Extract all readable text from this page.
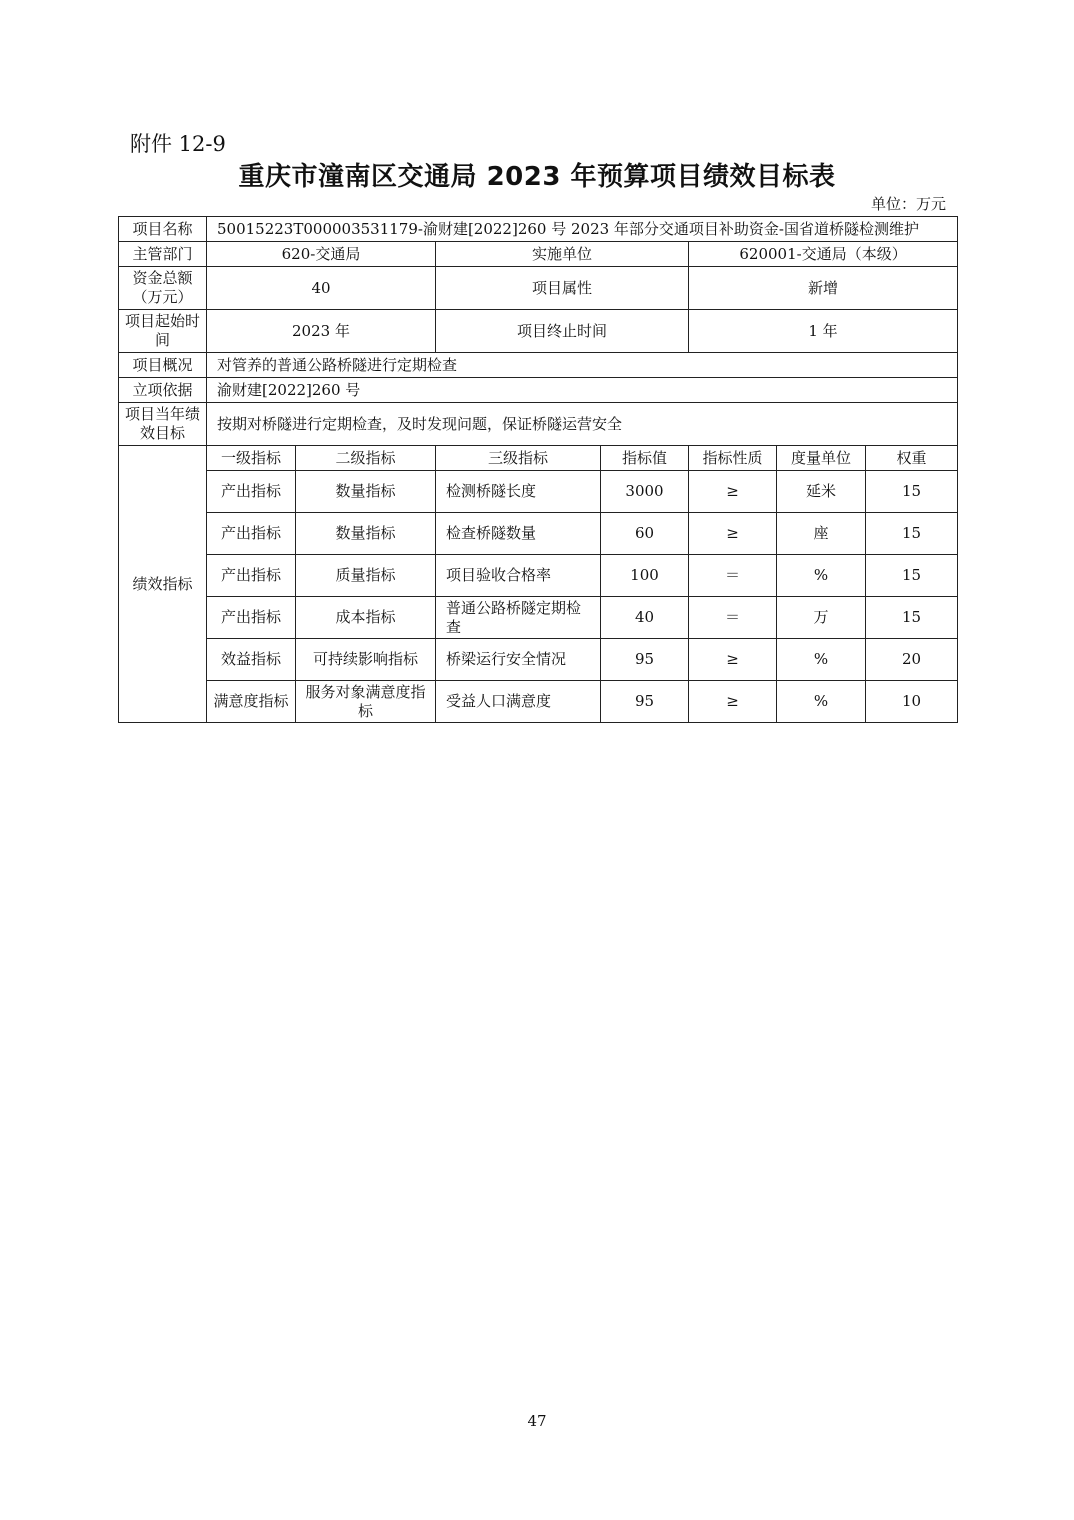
附件 12-9
重庆市潼南区交通局 2023 年预算项目绩效目标表
单位：万元
项目名称	50015223T000003531179-渝财建[2022]260 号 2023 年部分交通项目补助资金-国省道桥隧检测维护						
主管部门	620-交通局		实施单位		620001-交通局（本级）		
资金总额（万元）	40		项目属性		新增		
项目起始时间	2023 年		项目终止时间		1 年		
项目概况	对管养的普通公路桥隧进行定期检查						
立项依据	渝财建[2022]260 号						
项目当年绩效目标	按期对桥隧进行定期检查，及时发现问题，保证桥隧运营安全						
绩效指标	一级指标	二级指标	三级指标	指标值	指标性质	度量单位	权重
	产出指标	数量指标	检测桥隧长度	3000	≥	延米	15
	产出指标	数量指标	检查桥隧数量	60	≥	座	15
	产出指标	质量指标	项目验收合格率	100	＝	%	15
	产出指标	成本指标	普通公路桥隧定期检查	40	＝	万	15
	效益指标	可持续影响指标	桥梁运行安全情况	95	≥	%	20
	满意度指标	服务对象满意度指标	受益人口满意度	95	≥	%	10
47
